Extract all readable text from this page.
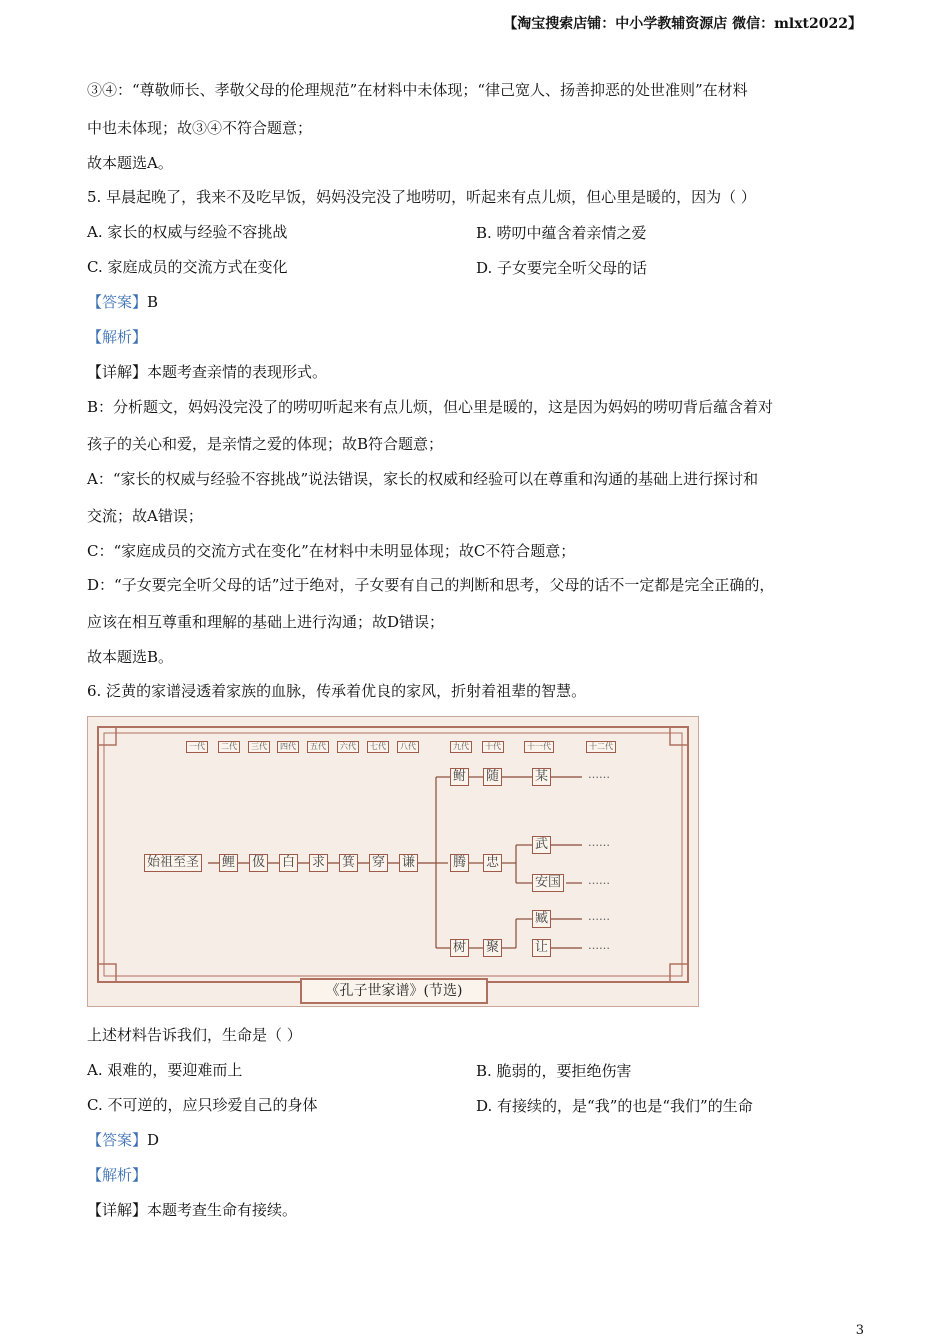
【淘宝搜索店铺：中小学教辅资源店 微信：mlxt2022】
③④：“尊敬师长、孝敬父母的伦理规范”在材料中未体现；“律己宽人、扬善抑恶的处世准则”在材料
中也未体现；故③④不符合题意；
故本题选A。
5. 早晨起晚了，我来不及吃早饭，妈妈没完没了地唠叨，听起来有点儿烦，但心里是暖的，因为（ ）
A. 家长的权威与经验不容挑战	B. 唠叨中蕴含着亲情之爱
C. 家庭成员的交流方式在变化	D. 子女要完全听父母的话
【答案】B
【解析】
【详解】本题考查亲情的表现形式。
B：分析题文，妈妈没完没了的唠叨听起来有点儿烦，但心里是暖的，这是因为妈妈的唠叨背后蕴含着对
孩子的关心和爱，是亲情之爱的体现；故B符合题意；
A：“家长的权威与经验不容挑战”说法错误，家长的权威和经验可以在尊重和沟通的基础上进行探讨和
交流；故A错误；
C：“家庭成员的交流方式在变化”在材料中未明显体现；故C不符合题意；
D：“子女要完全听父母的话”过于绝对，子女要有自己的判断和思考，父母的话不一定都是完全正确的，
应该在相互尊重和理解的基础上进行沟通；故D错误；
故本题选B。
6. 泛黄的家谱浸透着家族的血脉，传承着优良的家风，折射着祖辈的智慧。
一代	二代	三代	四代	五代	六代	七代	八代	九代	十代	十一代	十二代
始祖至圣 鲤 伋 白 求 箕 穿 谦
鲋 随	某	……
腾 忠
武	……
安国 ……
树 聚
臧	……
让	……
《孔子世家谱》(节选)
上述材料告诉我们，生命是（ ）
A. 艰难的，要迎难而上	B. 脆弱的，要拒绝伤害
C. 不可逆的，应只珍爱自己的身体	D. 有接续的，是“我”的也是“我们”的生命
【答案】D
【解析】
【详解】本题考查生命有接续。
3
